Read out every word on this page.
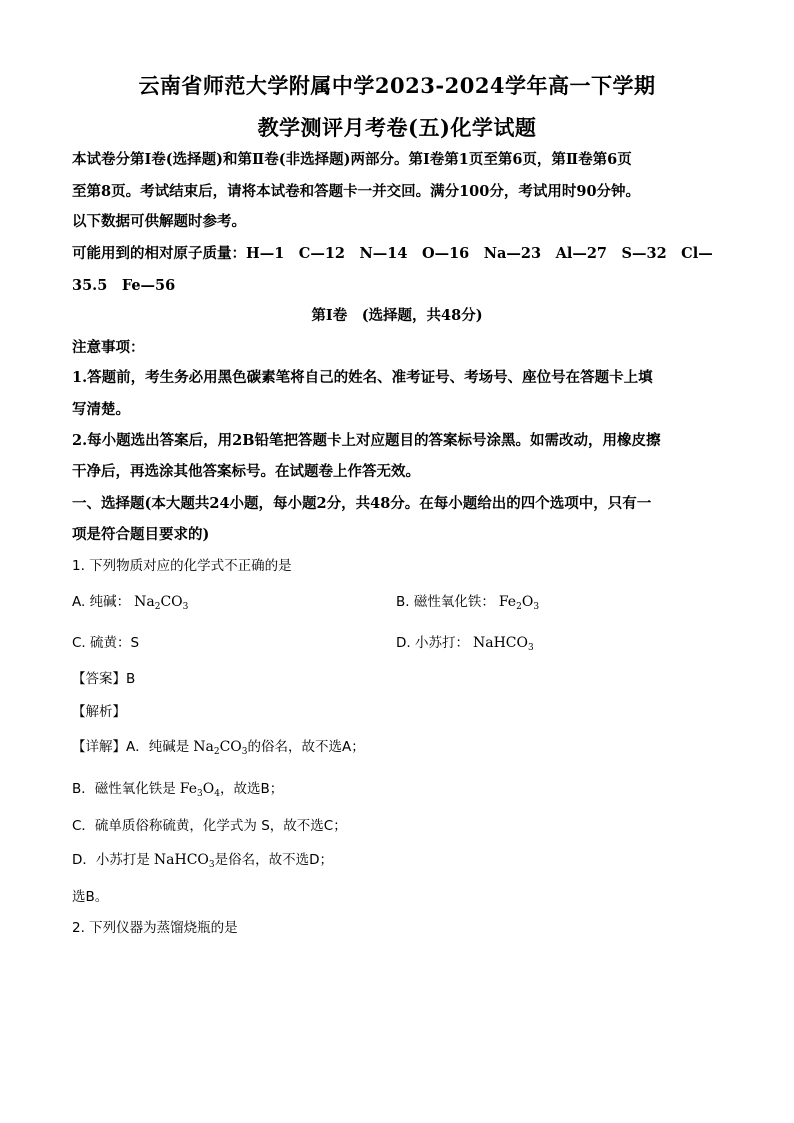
云南省师范大学附属中学2023-2024学年高一下学期
教学测评月考卷(五)化学试题
本试卷分第Ⅰ卷(选择题)和第Ⅱ卷(非选择题)两部分。第Ⅰ卷第1页至第6页，第Ⅱ卷第6页
至第8页。考试结束后，请将本试卷和答题卡一并交回。满分100分，考试用时90分钟。
以下数据可供解题时参考。
可能用到的相对原子质量：H—1　C—12　N—14　O—16　Na—23　Al—27　S—32　Cl—
35.5　Fe—56
第Ⅰ卷　(选择题，共48分)
注意事项：
1.答题前，考生务必用黑色碳素笔将自己的姓名、准考证号、考场号、座位号在答题卡上填
写清楚。
2.每小题选出答案后，用2B铅笔把答题卡上对应题目的答案标号涂黑。如需改动，用橡皮擦
干净后，再选涂其他答案标号。在试题卷上作答无效。
一、选择题(本大题共24小题，每小题2分，共48分。在每小题给出的四个选项中，只有一
项是符合题目要求的)
1. 下列物质对应的化学式不正确的是
A. 纯碱： $Na_2CO_3$	B. 磁性氧化铁： $Fe_2O_3$
C. 硫黄：S	D. 小苏打： NaHCO$_3$
【答案】B
【解析】
【详解】A．纯碱是 $Na_2CO_3$的俗名，故不选A；
B．磁性氧化铁是 $Fe_3O_4$，故选B；
C．硫单质俗称硫黄，化学式为 S，故不选C；
D．小苏打是 NaHCO$_3$是俗名，故不选D；
选B。
2. 下列仪器为蒸馏烧瓶的是
